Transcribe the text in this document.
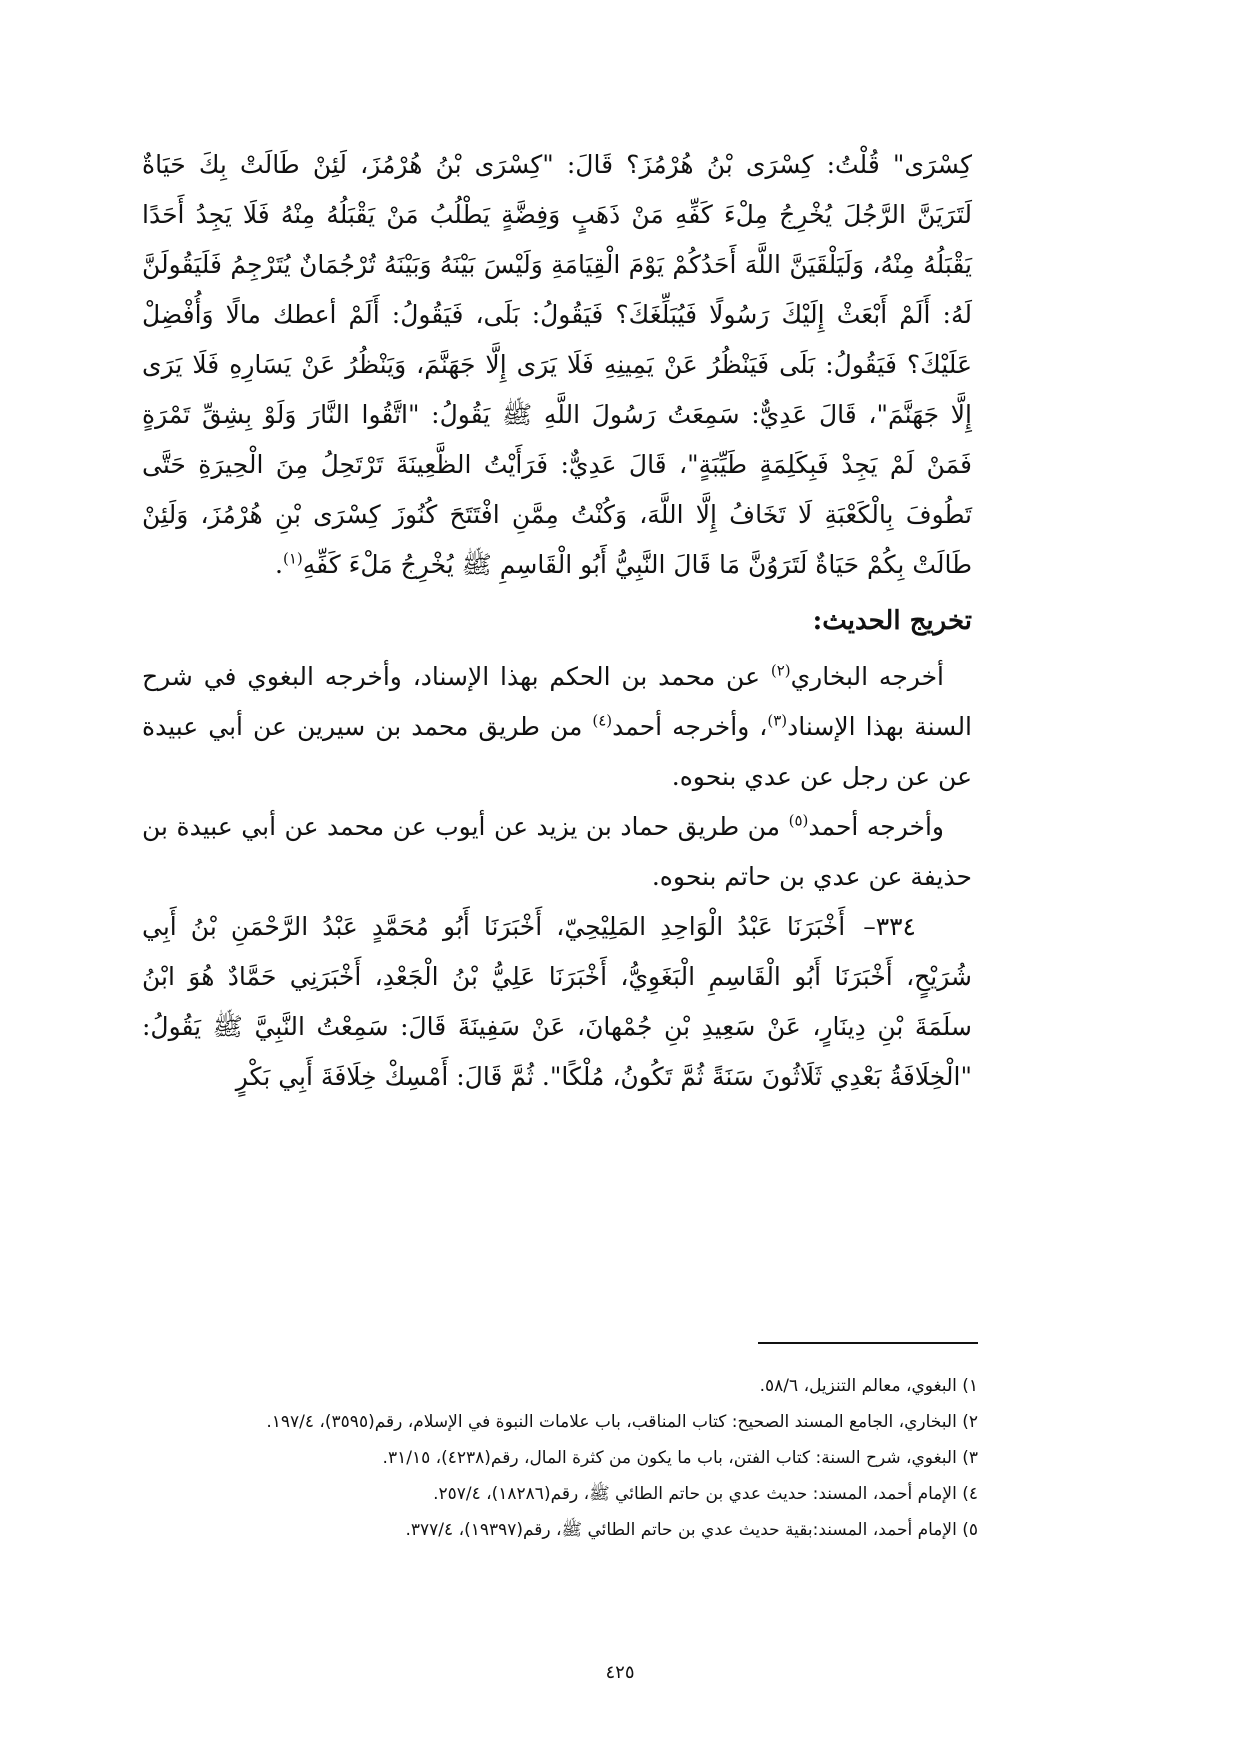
كِسْرَى" قُلْتُ: كِسْرَى بْنُ هُرْمُزَ؟ قَالَ: "كِسْرَى بْنُ هُرْمُزَ، لَئِنْ طَالَتْ بِكَ حَيَاةٌ لَتَرَيَنَّ الرَّجُلَ يُخْرِجُ مِلْءَ كَفِّهِ مَنْ ذَهَبٍ وَفِضَّةٍ يَطْلُبُ مَنْ يَقْبَلُهُ مِنْهُ فَلَا يَجِدُ أَحَدًا يَقْبَلُهُ مِنْهُ، وَلَيَلْقَيَنَّ اللَّهَ أَحَدُكُمْ يَوْمَ الْقِيَامَةِ وَلَيْسَ بَيْنَهُ وَبَيْنَهُ تُرْجُمَانٌ يُتَرْجِمُ فَلَيَقُولَنَّ لَهُ: أَلَمْ أَبْعَثْ إِلَيْكَ رَسُولًا فَيُبَلِّغَكَ؟ فَيَقُولُ: بَلَى، فَيَقُولُ: أَلَمْ أعطك مالًا وَأُفْضِلْ عَلَيْكَ؟ فَيَقُولُ: بَلَى فَيَنْظُرُ عَنْ يَمِينِهِ فَلَا يَرَى إِلَّا جَهَنَّمَ، وَيَنْظُرُ عَنْ يَسَارِهِ فَلَا يَرَى إِلَّا جَهَنَّمَ"، قَالَ عَدِيٌّ: سَمِعَتُ رَسُولَ اللَّهِ ﷺ يَقُولُ: "اتَّقُوا النَّارَ وَلَوْ بِشِقِّ تَمْرَةٍ فَمَنْ لَمْ يَجِدْ فَبِكَلِمَةٍ طَيِّبَةٍ"، قَالَ عَدِيٌّ: فَرَأَيْتُ الظَّعِينَةَ تَرْتَحِلُ مِنَ الْحِيرَةِ حَتَّى تَطُوفَ بِالْكَعْبَةِ لَا تَخَافُ إِلَّا اللَّهَ، وَكُنْتُ مِمَّنِ افْتَتَحَ كُنُوزَ كِسْرَى بْنِ هُرْمُزَ، وَلَئِنْ طَالَتْ بِكُمْ حَيَاةٌ لَتَرَوُنَّ مَا قَالَ النَّبِيُّ أَبُو الْقَاسِمِ ﷺ يُخْرِجُ مَلْءَ كَفِّهِ$^{(١)}$.

تخريج الحديث:

أخرجه البخاري$^{(٢)}$ عن محمد بن الحكم بهذا الإسناد، وأخرجه البغوي في شرح السنة بهذا الإسناد$^{(٣)}$، وأخرجه أحمد$^{(٤)}$ من طريق محمد بن سيرين عن أبي عبيدة عن عن رجل عن عدي بنحوه.

وأخرجه أحمد$^{(٥)}$ من طريق حماد بن يزيد عن أيوب عن محمد عن أبي عبيدة بن حذيفة عن عدي بن حاتم بنحوه.

٣٣٤–أَخْبَرَنَا عَبْدُ الْوَاحِدِ المَلِيْحِيّ، أَخْبَرَنَا أَبُو مُحَمَّدٍ عَبْدُ الرَّحْمَنِ بْنُ أَبِي شُرَيْحٍ، أَخْبَرَنَا أَبُو الْقَاسِمِ الْبَغَوِيُّ، أَخْبَرَنَا عَلِيُّ بْنُ الْجَعْدِ، أَخْبَرَنِي حَمَّادٌ هُوَ ابْنُ سلَمَةَ بْنِ دِينَارٍ، عَنْ سَعِيدِ بْنِ جُمْهانَ، عَنْ سَفِينَةَ قَالَ: سَمِعْتُ النَّبِيَّ ﷺ يَقُولُ: "الْخِلَافَةُ بَعْدِي ثَلَاثُونَ سَنَةً ثُمَّ تَكُونُ، مُلْكًا". ثُمَّ قَالَ: أَمْسِكْ خِلَافَةَ أَبِي بَكْرٍ

١) البغوي، معالم التنزيل، ٥٨/٦.
٢) البخاري، الجامع المسند الصحيح: كتاب المناقب، باب علامات النبوة في الإسلام، رقم(٣٥٩٥)، ١٩٧/٤.
٣) البغوي، شرح السنة: كتاب الفتن، باب ما يكون من كثرة المال، رقم(٤٢٣٨)، ٣١/١٥.
٤) الإمام أحمد، المسند: حديث عدي بن حاتم الطائي ﷺ، رقم(١٨٢٨٦)، ٢٥٧/٤.
٥) الإمام أحمد، المسند:بقية حديث عدي بن حاتم الطائي ﷺ، رقم(١٩٣٩٧)، ٣٧٧/٤.
٤٢٥
